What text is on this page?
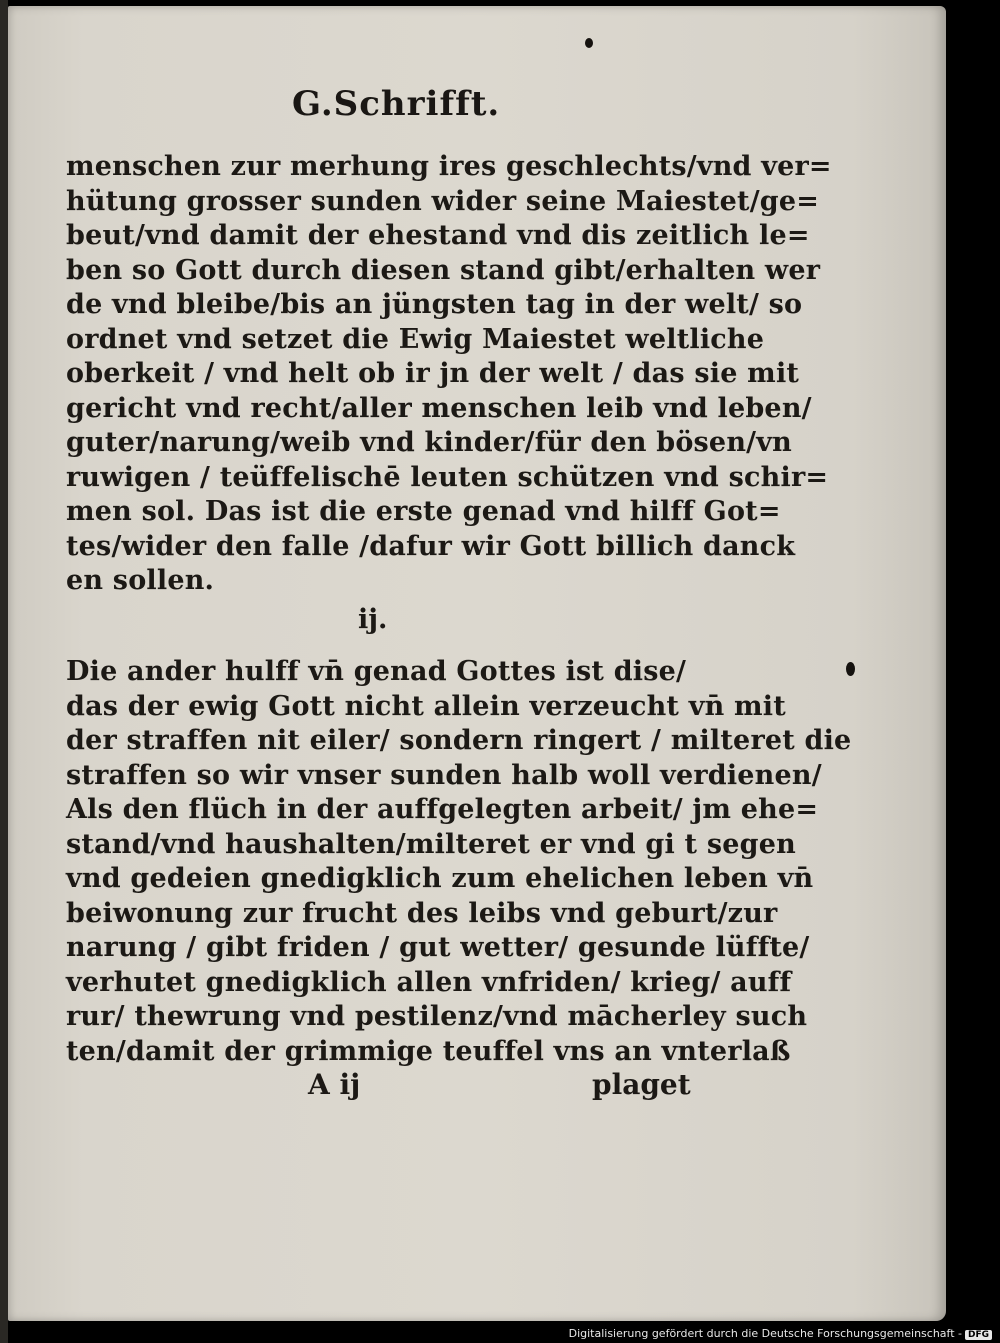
G.Schrifft.
menschen zur merhung ires geschlechts/vnd ver=
hütung grosser sunden wider seine Maiestet/ge=
beut/vnd damit der ehestand vnd dis zeitlich le=
ben so Gott durch diesen stand gibt/erhalten wer
de vnd bleibe/bis an jüngsten tag in der welt/ so
ordnet vnd setzet die Ewig Maiestet weltliche
oberkeit / vnd helt ob ir jn der welt / das sie mit
gericht vnd recht/aller menschen leib vnd leben/
guter/narung/weib vnd kinder/für den bösen/vn
ruwigen / teüffelischē leuten schützen vnd schir=
men sol. Das ist die erste genad vnd hilff Got=
tes/wider den falle /dafur wir Gott billich danck
en sollen.
ij.
Die ander hulff vn̄ genad Gottes ist dise/
das der ewig Gott nicht allein verzeucht vn̄ mit
der straffen nit eiler/ sondern ringert / milteret die
straffen so wir vnser sunden halb woll verdienen/
Als den flüch in der auffgelegten arbeit/ jm ehe=
stand/vnd haushalten/milteret er vnd gi t segen
vnd gedeien gnedigklich zum ehelichen leben vn̄
beiwonung zur frucht des leibs vnd geburt/zur
narung / gibt friden / gut wetter/ gesunde lüffte/
verhutet gnedigklich allen vnfriden/ krieg/ auff
rur/ thewrung vnd pestilenz/vnd mācherley such
ten/damit der grimmige teuffel vns an vnterlaß
A ij	plaget
Digitalisierung gefördert durch die Deutsche Forschungsgemeinschaft - DFG
